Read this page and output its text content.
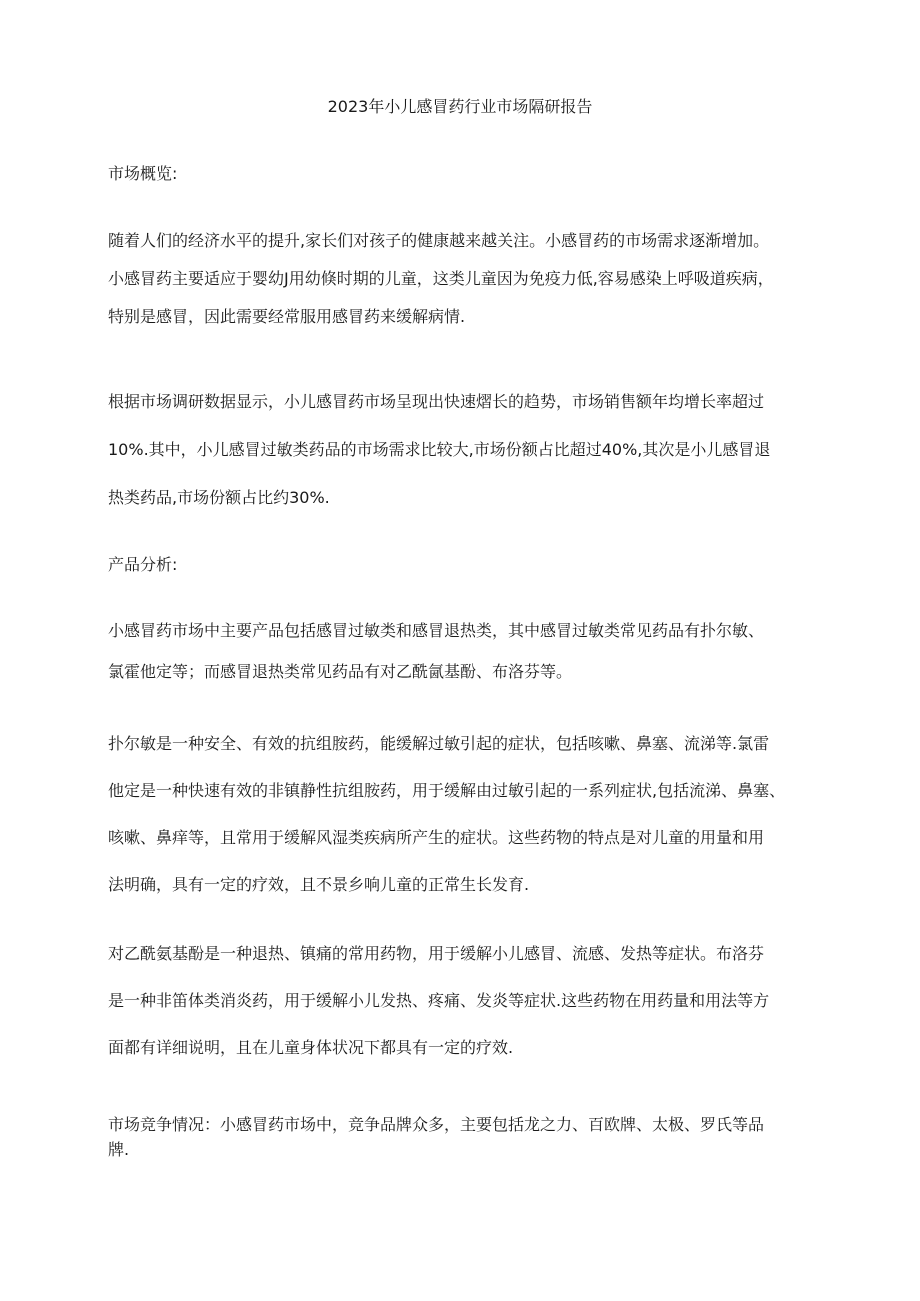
2023年小儿感冒药行业市场隔研报告
市场概览:
随着人们的经济水平的提升,家长们对孩子的健康越来越关注。小感冒药的市场需求逐渐增加。
小感冒药主要适应于婴幼J用幼倏时期的儿童，这类儿童因为免疫力低,容易感染上呼吸道疾病，
特别是感冒，因此需要经常服用感冒药来缓解病情.
根据市场调研数据显示，小儿感冒药市场呈现出快速熠长的趋势，市场销售额年均增长率超过
10%.其中，小儿感冒过敏类药品的市场需求比较大,市场份额占比超过40%,其次是小儿感冒退
热类药品,市场份额占比约30%.
产品分析:
小感冒药市场中主要产品包括感冒过敏类和感冒退热类，其中感冒过敏类常见药品有扑尔敏、
氯霍他定等；而感冒退热类常见药品有对乙酰氤基酚、布洛芬等。
扑尔敏是一种安全、有效的抗组胺药，能缓解过敏引起的症状，包括咳嗽、鼻塞、流涕等.氯雷
他定是一种快速有效的非镇静性抗组胺药，用于缓解由过敏引起的一系列症状,包括流涕、鼻塞、
咳嗽、鼻痒等，且常用于缓解风湿类疾病所产生的症状。这些药物的特点是对儿童的用量和用
法明确，具有一定的疗效，且不景乡响儿童的正常生长发育.
对乙酰氨基酚是一种退热、镇痛的常用药物，用于缓解小儿感冒、流感、发热等症状。布洛芬
是一种非笛体类消炎药，用于缓解小儿发热、疼痛、发炎等症状.这些药物在用药量和用法等方
面都有详细说明，且在儿童身体状况下都具有一定的疗效.
市场竞争情况：小感冒药市场中，竞争品牌众多，主要包括龙之力、百欧牌、太极、罗氏等品
牌.
